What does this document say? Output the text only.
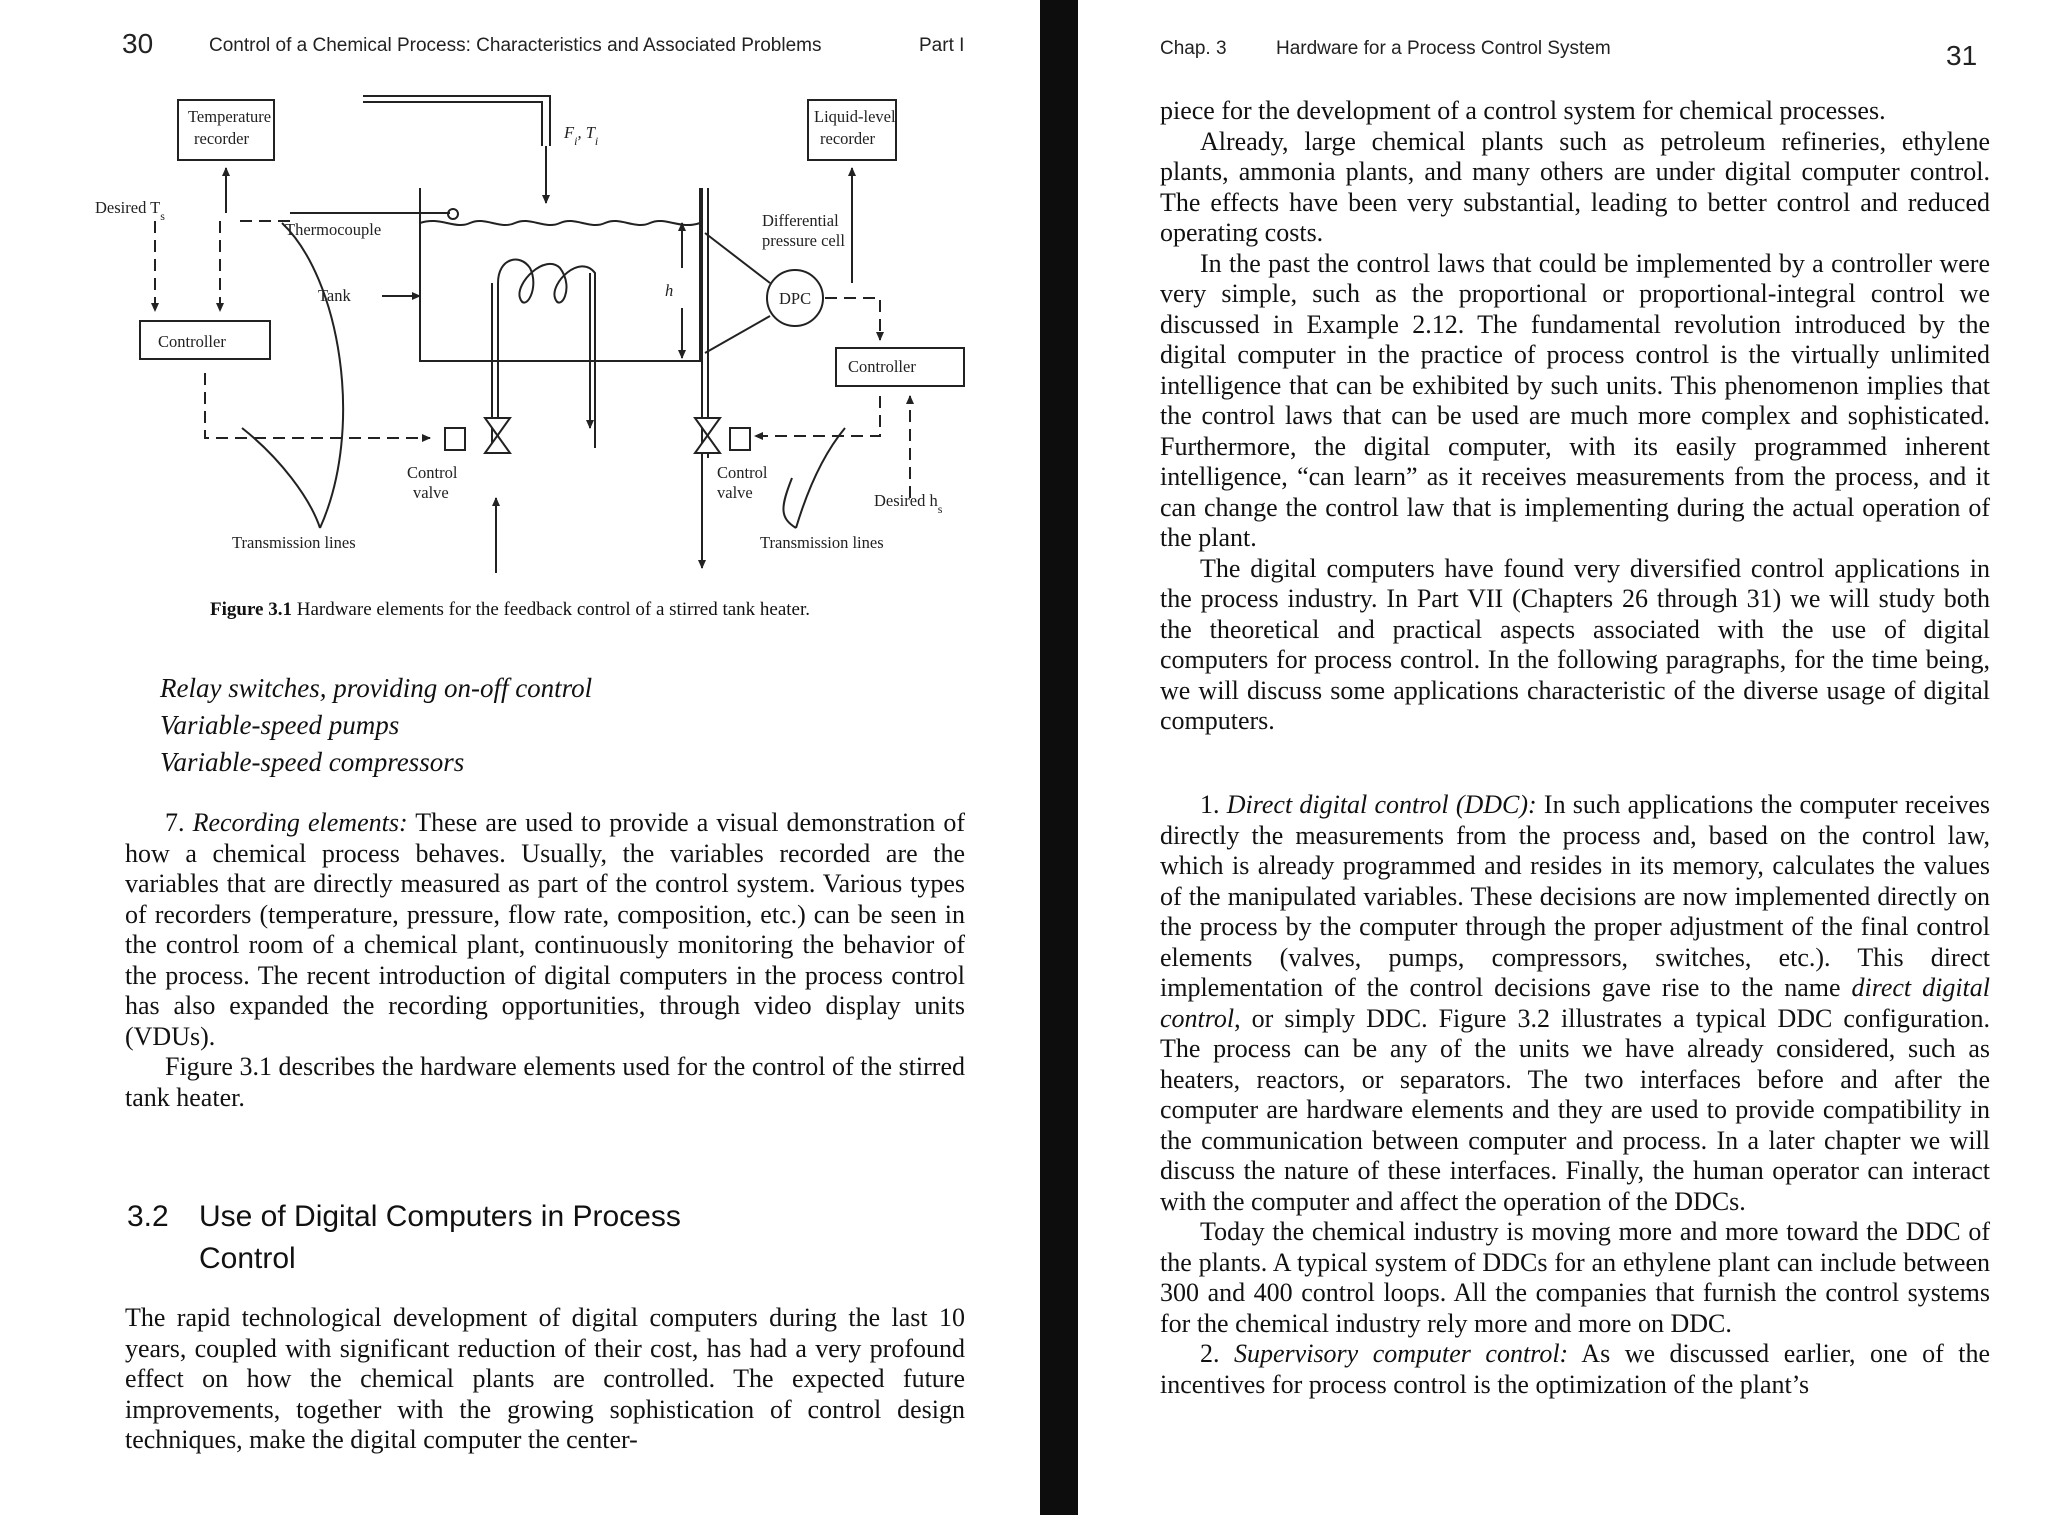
30	Control of a Chemical Process: Characteristics and Associated Problems	Part I
Temperature
recorder
Desired $T_s$
Thermocouple
Tank
Controller
$F_i$, $T_i$
Liquid-level
recorder
Differential
pressure cell
DPC
h
Controller
Control
valve
Control
valve	Desired $h_s$
Transmission lines	Transmission lines
Figure 3.1 Hardware elements for the feedback control of a stirred tank heater.
Relay switches, providing on-off control
Variable-speed pumps
Variable-speed compressors

7. Recording elements: These are used to provide a visual demonstration of how a chemical process behaves. Usually, the variables recorded are the variables that are directly measured as part of the control system. Various types of recorders (temperature, pressure, flow rate, composition, etc.) can be seen in the control room of a chemical plant, continuously monitoring the behavior of the process. The recent introduction of digital computers in the process control has also expanded the recording opportunities, through video display units (VDUs).

Figure 3.1 describes the hardware elements used for the control of the stirred tank heater.

3.2 Use of Digital Computers in Process
Control

The rapid technological development of digital computers during the last 10 years, coupled with significant reduction of their cost, has had a very profound effect on how the chemical plants are controlled. The expected future improvements, together with the growing sophistication of control design techniques, make the digital computer the center-

Chap. 3	Hardware for a Process Control System	31

piece for the development of a control system for chemical processes.

Already, large chemical plants such as petroleum refineries, ethylene plants, ammonia plants, and many others are under digital computer control. The effects have been very substantial, leading to better control and reduced operating costs.

In the past the control laws that could be implemented by a controller were very simple, such as the proportional or proportional-integral control we discussed in Example 2.12. The fundamental revolution introduced by the digital computer in the practice of process control is the virtually unlimited intelligence that can be exhibited by such units. This phenomenon implies that the control laws that can be used are much more complex and sophisticated. Furthermore, the digital computer, with its easily programmed inherent intelligence, “can learn” as it receives measurements from the process, and it can change the control law that is implementing during the actual operation of the plant.

The digital computers have found very diversified control applications in the process industry. In Part VII (Chapters 26 through 31) we will study both the theoretical and practical aspects associated with the use of digital computers for process control. In the following paragraphs, for the time being, we will discuss some applications characteristic of the diverse usage of digital computers.

1. Direct digital control (DDC): In such applications the computer receives directly the measurements from the process and, based on the control law, which is already programmed and resides in its memory, calculates the values of the manipulated variables. These decisions are now implemented directly on the process by the computer through the proper adjustment of the final control elements (valves, pumps, compressors, switches, etc.). This direct implementation of the control decisions gave rise to the name direct digital control, or simply DDC. Figure 3.2 illustrates a typical DDC configuration. The process can be any of the units we have already considered, such as heaters, reactors, or separators. The two interfaces before and after the computer are hardware elements and they are used to provide compatibility in the communication between computer and process. In a later chapter we will discuss the nature of these interfaces. Finally, the human operator can interact with the computer and affect the operation of the DDCs.

Today the chemical industry is moving more and more toward the DDC of the plants. A typical system of DDCs for an ethylene plant can include between 300 and 400 control loops. All the companies that furnish the control systems for the chemical industry rely more and more on DDC.

2. Supervisory computer control: As we discussed earlier, one of the incentives for process control is the optimization of the plant’s
